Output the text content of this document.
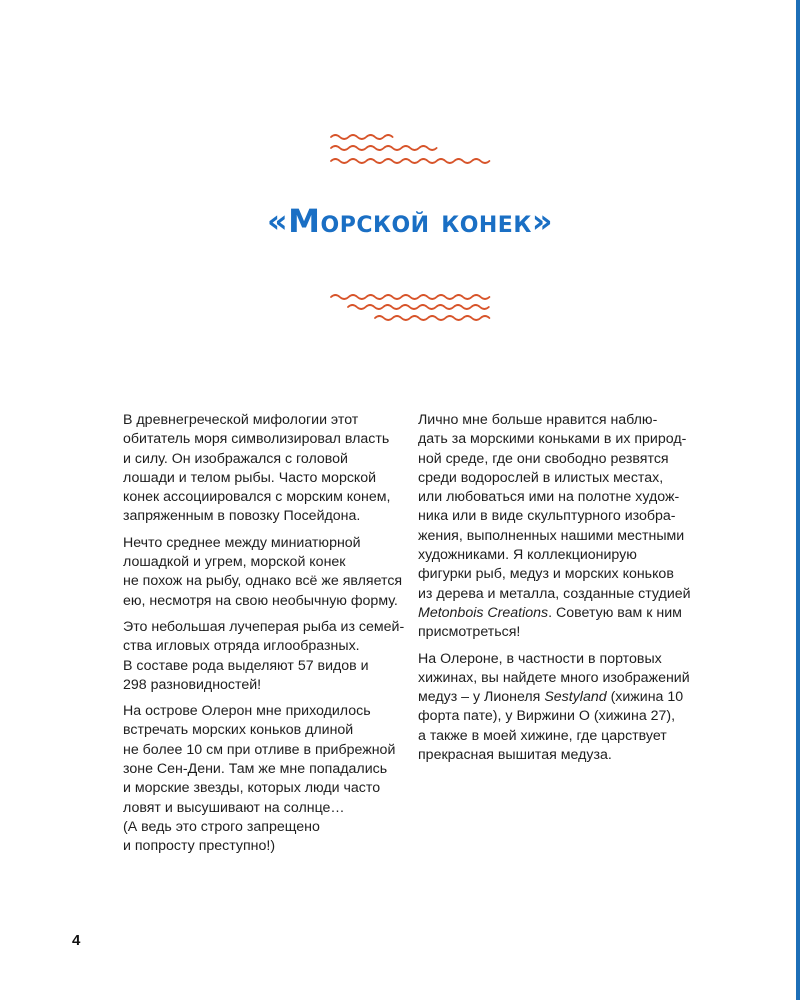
«Морской конек»

В древнегреческой мифологии этот
обитатель моря символизировал власть
и силу. Он изображался с головой
лошади и телом рыбы. Часто морской
конек ассоциировался с морским конем,
запряженным в повозку Посейдона.

Нечто среднее между миниатюрной
лошадкой и угрем, морской конек
не похож на рыбу, однако всё же является
ею, несмотря на свою необычную форму.

Это небольшая лучеперая рыба из семей-
ства игловых отряда иглообразных.
В составе рода выделяют 57 видов и
298 разновидностей!

На острове Олерон мне приходилось
встречать морских коньков длиной
не более 10 см при отливе в прибрежной
зоне Сен-Дени. Там же мне попадались
и морские звезды, которых люди часто
ловят и высушивают на солнце…
(А ведь это строго запрещено
и попросту преступно!)

Лично мне больше нравится наблю-
дать за морскими коньками в их природ-
ной среде, где они свободно резвятся
среди водорослей в илистых местах,
или любоваться ими на полотне худож-
ника или в виде скульптурного изобра-
жения, выполненных нашими местными
художниками. Я коллекционирую
фигурки рыб, медуз и морских коньков
из дерева и металла, созданные студией
Metonbois Creations. Советую вам к ним
присмотреться!

На Олероне, в частности в портовых
хижинах, вы найдете много изображений
медуз – у Лионеля Sestyland (хижина 10
форта пате), у Виржини О (хижина 27),
а также в моей хижине, где царствует
прекрасная вышитая медуза.

4
